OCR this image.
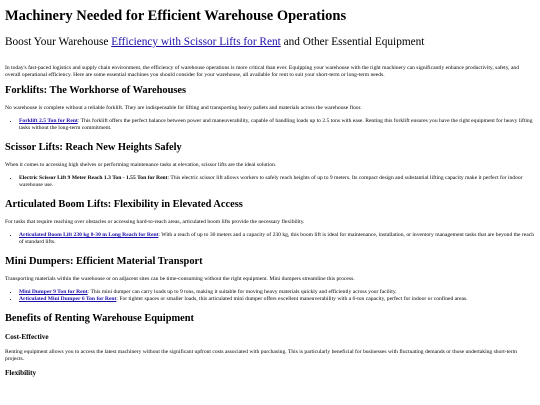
Machinery Needed for Efficient Warehouse Operations
Boost Your Warehouse Efficiency with Scissor Lifts for Rent and Other Essential Equipment

In today's fast-paced logistics and supply chain environment, the efficiency of warehouse operations is more critical than ever. Equipping your warehouse with the right machinery can significantly enhance productivity, safety, and overall operational efficiency. Here are some essential machines you should consider for your warehouse, all available for rent to suit your short-term or long-term needs.

Forklifts: The Workhorse of Warehouses

No warehouse is complete without a reliable forklift. They are indispensable for lifting and transporting heavy pallets and materials across the warehouse floor.

• Forklift 2.5 Ton for Rent: This forklift offers the perfect balance between power and maneuverability, capable of handling loads up to 2.5 tons with ease. Renting this forklift ensures you have the right equipment for heavy lifting tasks without the long-term commitment.
Scissor Lifts: Reach New Heights Safely

When it comes to accessing high shelves or performing maintenance tasks at elevation, scissor lifts are the ideal solution.

• Electric Scissor Lift 9 Meter Reach 1.3 Ton - 1.55 Ton for Rent: This electric scissor lift allows workers to safely reach heights of up to 9 meters. Its compact design and substantial lifting capacity make it perfect for indoor warehouse use.
Articulated Boom Lifts: Flexibility in Elevated Access

For tasks that require reaching over obstacles or accessing hard-to-reach areas, articulated boom lifts provide the necessary flexibility.

• Articulated Boom Lift 230 kg 8-30 m Long Reach for Rent: With a reach of up to 30 meters and a capacity of 230 kg, this boom lift is ideal for maintenance, installation, or inventory management tasks that are beyond the reach of standard lifts.
Mini Dumpers: Efficient Material Transport

Transporting materials within the warehouse or on adjacent sites can be time-consuming without the right equipment. Mini dumpers streamline this process.

• Mini Dumper 9 Ton for Rent: This mini dumper can carry loads up to 9 tons, making it suitable for moving heavy materials quickly and efficiently across your facility.
• Articulated Mini Dumper 6 Ton for Rent: For tighter spaces or smaller loads, this articulated mini dumper offers excellent maneuverability with a 6-ton capacity, perfect for indoor or confined areas.
Benefits of Renting Warehouse Equipment
Cost-Effective

Renting equipment allows you to access the latest machinery without the significant upfront costs associated with purchasing. This is particularly beneficial for businesses with fluctuating demands or those undertaking short-term projects.

Flexibility
